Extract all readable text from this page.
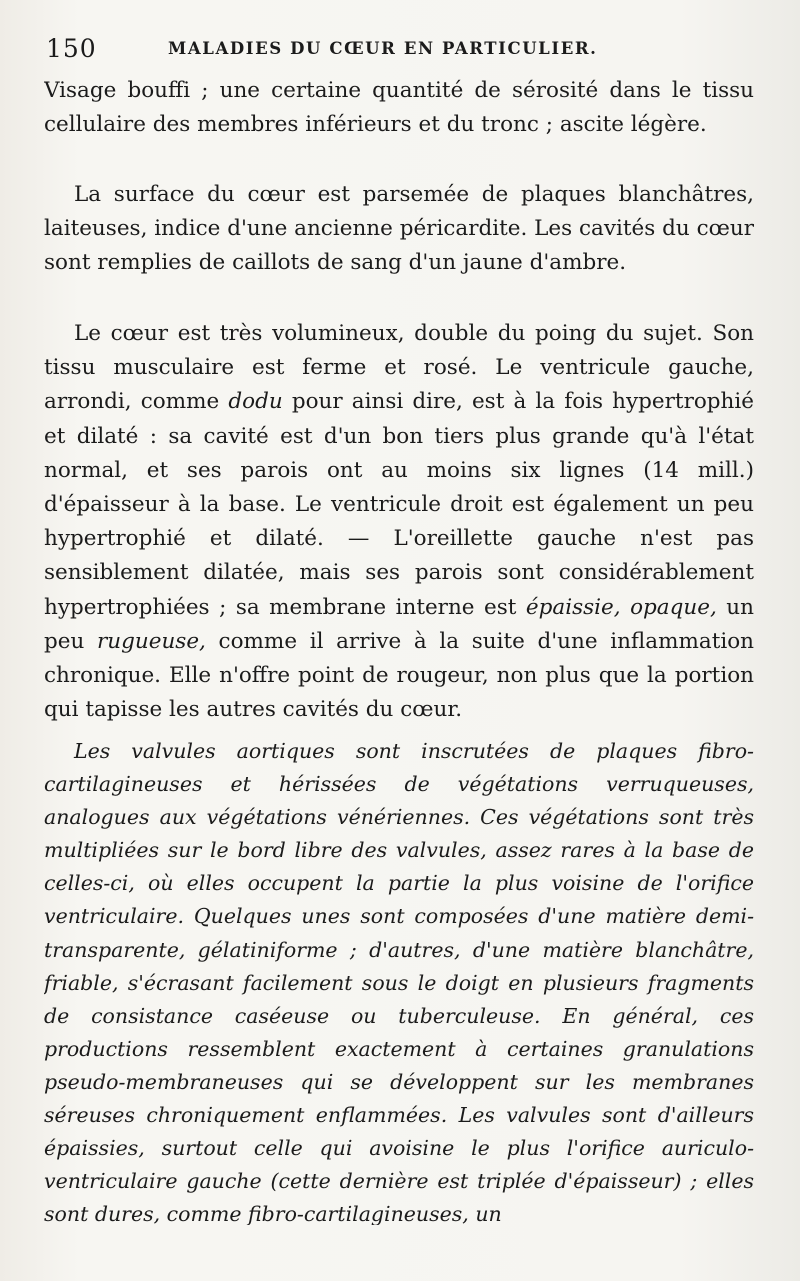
150	MALADIES DU CŒUR EN PARTICULIER.

Visage bouffi ; une certaine quantité de sérosité dans le tissu cellulaire des membres inférieurs et du tronc ; ascite légère.

La surface du cœur est parsemée de plaques blanchâtres, laiteuses, indice d'une ancienne péricardite. Les cavités du cœur sont remplies de caillots de sang d'un jaune d'ambre.

Le cœur est très volumineux, double du poing du sujet. Son tissu musculaire est ferme et rosé. Le ventricule gauche, arrondi, comme dodu pour ainsi dire, est à la fois hypertrophié et dilaté : sa cavité est d'un bon tiers plus grande qu'à l'état normal, et ses parois ont au moins six lignes (14 mill.) d'épaisseur à la base. Le ventricule droit est également un peu hypertrophié et dilaté. — L'oreillette gauche n'est pas sensiblement dilatée, mais ses parois sont considérablement hypertrophiées ; sa membrane interne est épaissie, opaque, un peu rugueuse, comme il arrive à la suite d'une inflammation chronique. Elle n'offre point de rougeur, non plus que la portion qui tapisse les autres cavités du cœur.

Les valvules aortiques sont inscrutées de plaques fibro-cartilagineuses et hérissées de végétations verruqueuses, analogues aux végétations vénériennes. Ces végétations sont très multipliées sur le bord libre des valvules, assez rares à la base de celles-ci, où elles occupent la partie la plus voisine de l'orifice ventriculaire. Quelques unes sont composées d'une matière demi-transparente, gélatiniforme ; d'autres, d'une matière blanchâtre, friable, s'écrasant facilement sous le doigt en plusieurs fragments de consistance caséeuse ou tuberculeuse. En général, ces productions ressemblent exactement à certaines granulations pseudo-membraneuses qui se développent sur les membranes séreuses chroniquement enflammées. Les valvules sont d'ailleurs épaissies, surtout celle qui avoisine le plus l'orifice auriculo-ventriculaire gauche (cette dernière est triplée d'épaisseur) ; elles sont dures, comme fibro-cartilagineuses, un
